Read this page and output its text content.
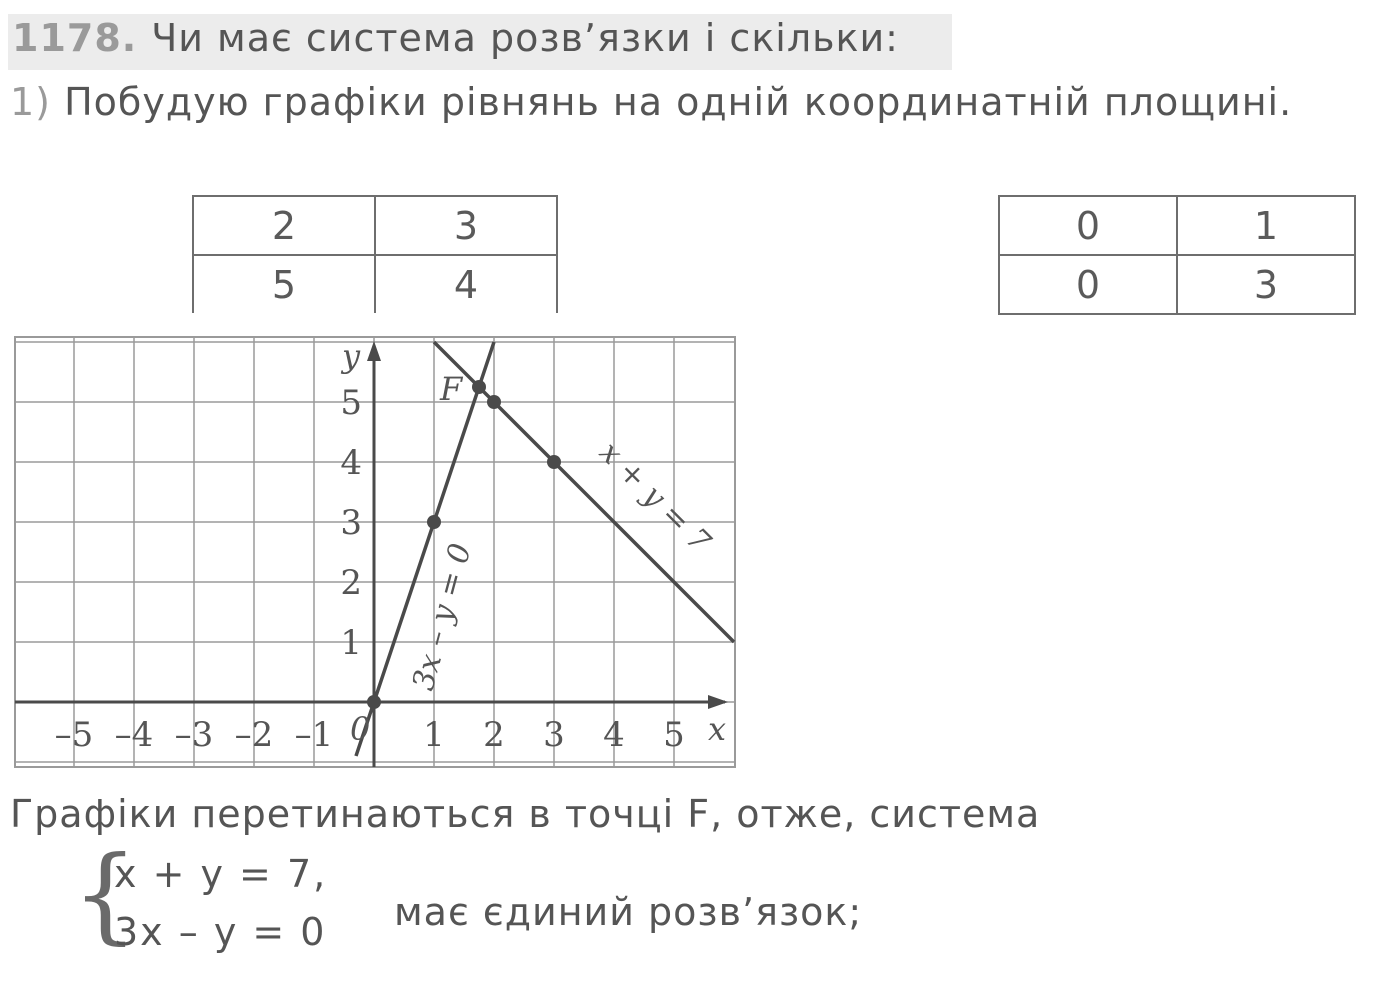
1178. Чи має система розв’язки і скільки:
1) Побудую графіки рівнянь на одній координатній площині.
2	3
5	4
0	1
0	3
–5 –4 –3 –2 –1	1 2 3 4 5
1
2
3
4
5
x
y
0
F
x + y = 7
3x – y = 0
Графіки перетинаються в точці F, отже, система
{
x + y = 7,
3x – y = 0 має єдиний розв’язок;
